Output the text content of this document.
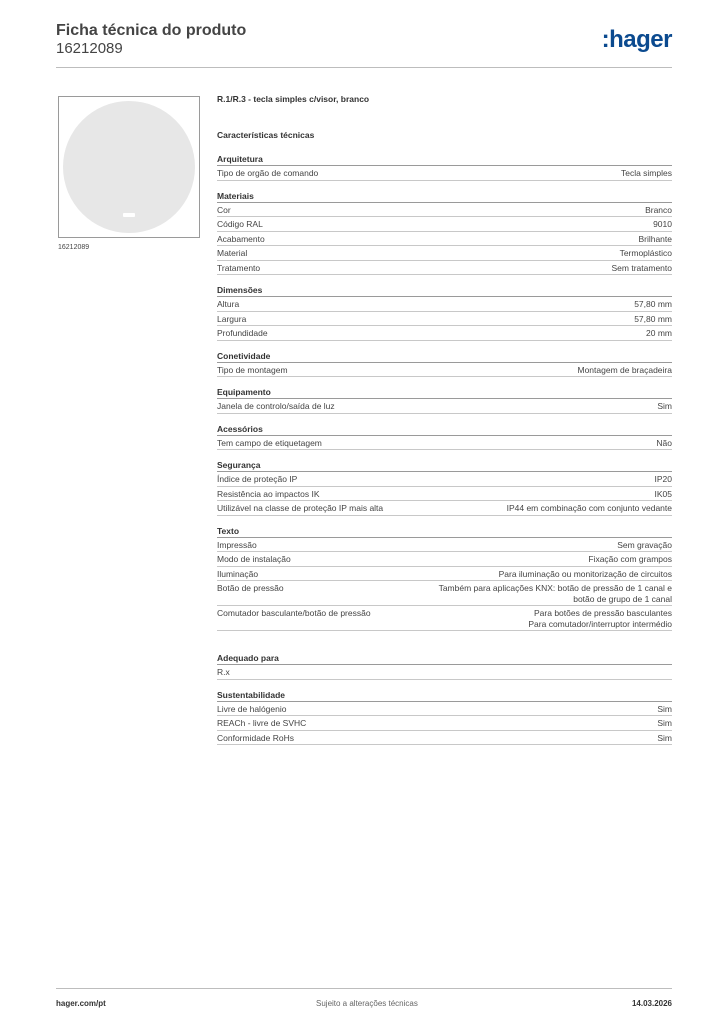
Ficha técnica do produto
16212089	:hager
16212089
R.1/R.3 - tecla simples c/visor, branco
Características técnicas
Arquitetura
Tipo de orgão de comando	Tecla simples
Materiais
Cor	Branco
Código RAL	9010
Acabamento	Brilhante
Material	Termoplástico
Tratamento	Sem tratamento
Dimensões
Altura	57,80 mm
Largura	57,80 mm
Profundidade	20 mm
Conetividade
Tipo de montagem	Montagem de braçadeira
Equipamento
Janela de controlo/saída de luz	Sim
Acessórios
Tem campo de etiquetagem	Não
Segurança
Índice de proteção IP	IP20
Resistência ao impactos IK	IK05
Utilizável na classe de proteção IP mais alta	IP44 em combinação com conjunto vedante
Texto
Impressão	Sem gravação
Modo de instalação	Fixação com grampos
Iluminação	Para iluminação ou monitorização de circuitos
Botão de pressão	Também para aplicações KNX: botão de pressão de 1 canal e
botão de grupo de 1 canal
Comutador basculante/botão de pressão	Para botões de pressão basculantes
Para comutador/interruptor intermédio
Adequado para
R.x
Sustentabilidade
Livre de halógenio	Sim
REACh - livre de SVHC	Sim
Conformidade RoHs	Sim
hager.com/pt	Sujeito a alterações técnicas	14.03.2026
